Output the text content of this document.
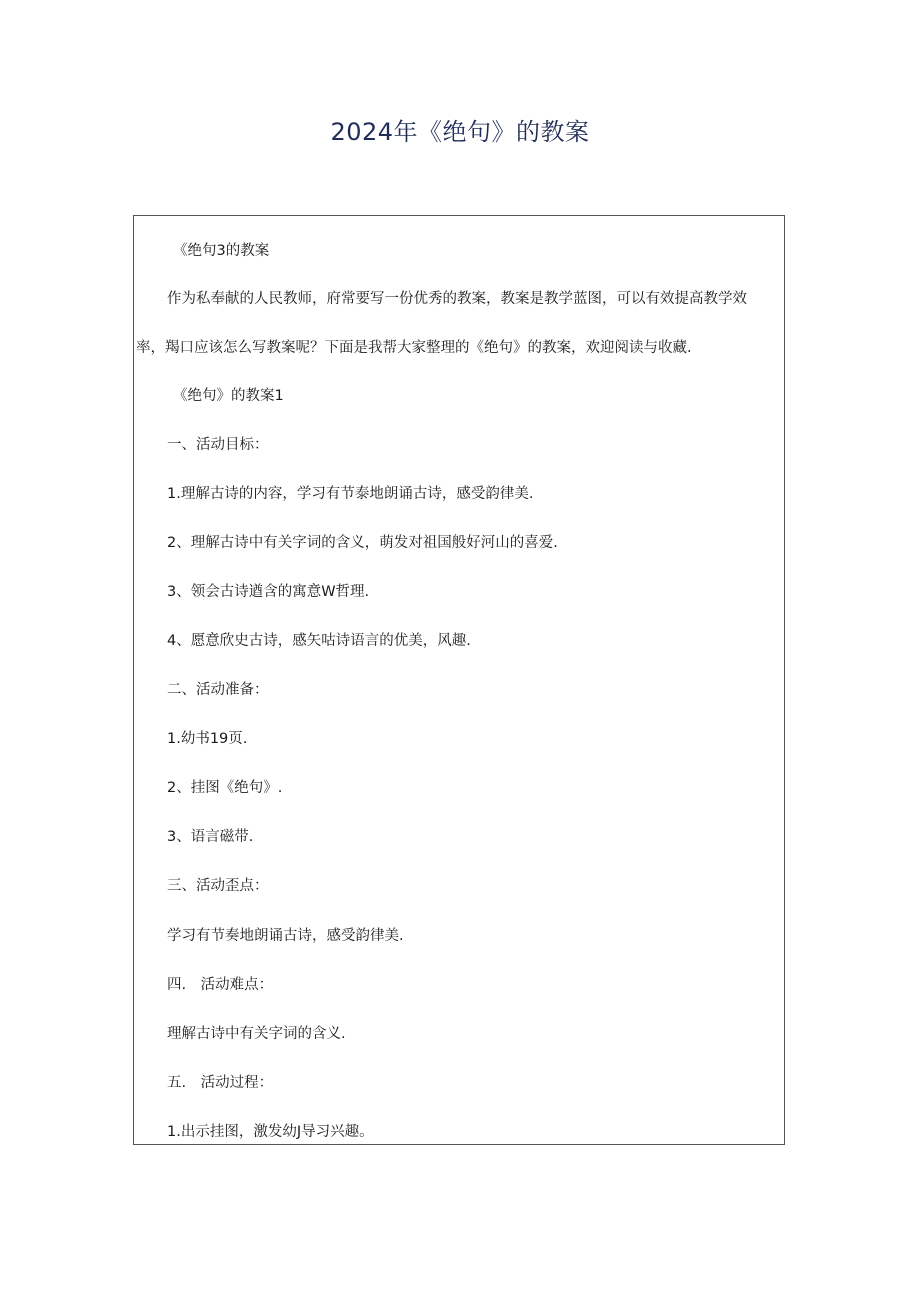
2024年《绝句》的教案
《绝句3的教案
作为私奉献的人民教师，府常要写一份优秀的教案，教案是教学蓝图，可以有效提高教学效
率，羯口应该怎么写教案呢？下面是我帮大家整理的《绝句》的教案，欢迎阅读与收藏.
《绝句》的教案1
一、活动目标：
1.理解古诗的内容，学习有节泰地朗诵古诗，感受韵律美.
2、理解古诗中有关字词的含义，萌发对祖国般好河山的喜爱.
3、领会古诗遒含的寓意W哲理.
4、愿意欣史古诗，感矢咕诗语言的优美，风趣.
二、活动准备：
1.幼书19页.
2、挂图《绝句》.
3、语言磁带.
三、活动歪点：
学习有节奏地朗诵古诗，感受韵律美.
四.　活动难点：
理解古诗中有关字词的含义.
五.　活动过程：
1.出示挂图，激发幼J导习兴趣。
